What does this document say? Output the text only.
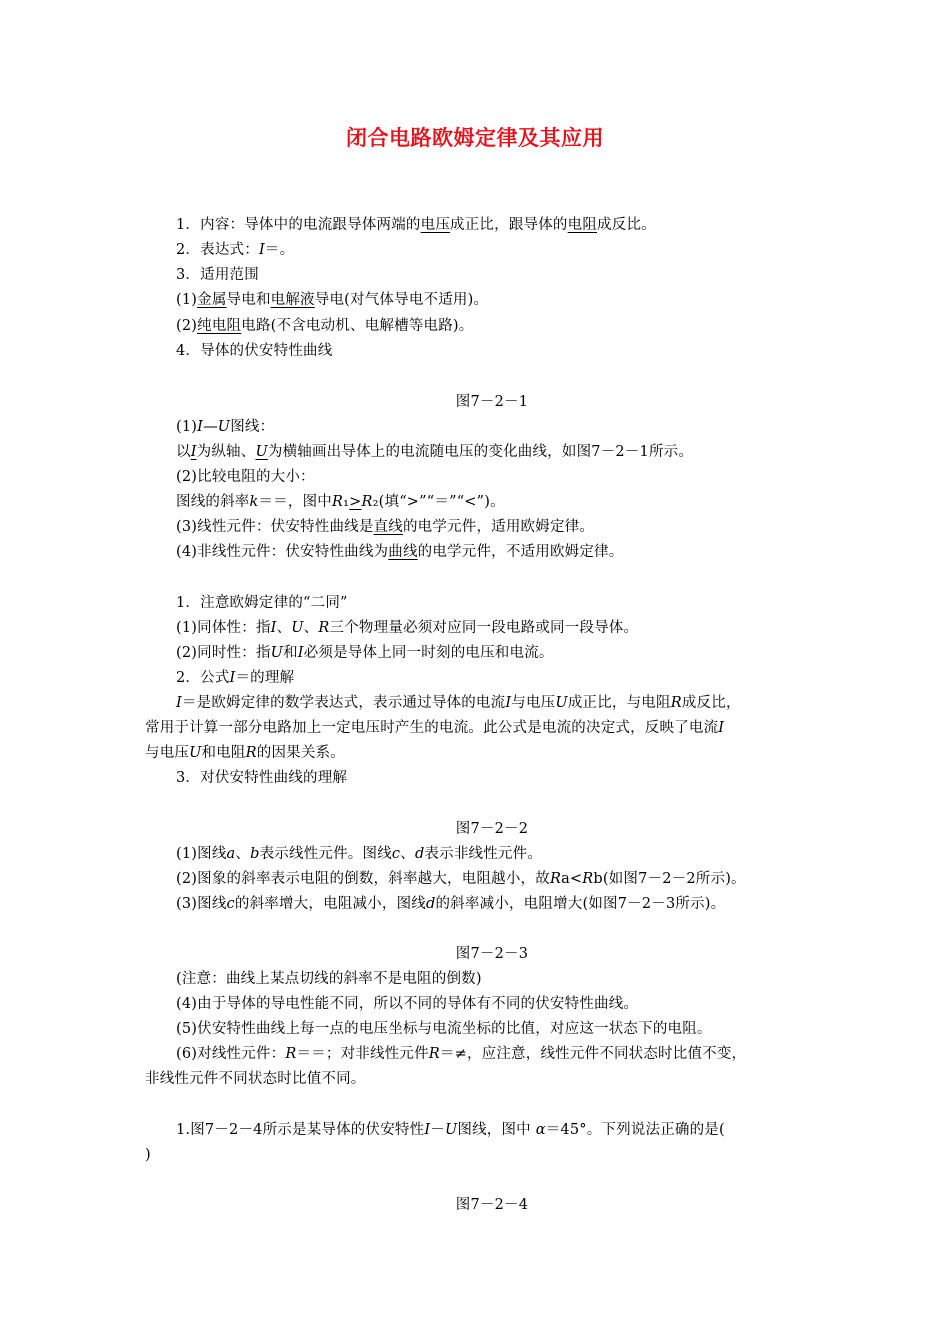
闭合电路欧姆定律及其应用
1．内容：导体中的电流跟导体两端的电压成正比，跟导体的电阻成反比。
2．表达式：I＝。
3．适用范围
(1)金属导电和电解液导电(对气体导电不适用)。
(2)纯电阻电路(不含电动机、电解槽等电路)。
4．导体的伏安特性曲线
图7－2－1
(1)I—U图线：
以I为纵轴、U为横轴画出导体上的电流随电压的变化曲线，如图7－2－1所示。
(2)比较电阻的大小：
图线的斜率k＝＝，图中R₁>R₂(填“>”“＝”“<”)。
(3)线性元件：伏安特性曲线是直线的电学元件，适用欧姆定律。
(4)非线性元件：伏安特性曲线为曲线的电学元件，不适用欧姆定律。
1．注意欧姆定律的“二同”
(1)同体性：指I、U、R三个物理量必须对应同一段电路或同一段导体。
(2)同时性：指U和I必须是导体上同一时刻的电压和电流。
2．公式I＝的理解
I＝是欧姆定律的数学表达式，表示通过导体的电流I与电压U成正比，与电阻R成反比，
常用于计算一部分电路加上一定电压时产生的电流。此公式是电流的决定式，反映了电流I
与电压U和电阻R的因果关系。
3．对伏安特性曲线的理解
图7－2－2
(1)图线a、b表示线性元件。图线c、d表示非线性元件。
(2)图象的斜率表示电阻的倒数，斜率越大，电阻越小，故Ra<Rb(如图7－2－2所示)。
(3)图线c的斜率增大，电阻减小，图线d的斜率减小，电阻增大(如图7－2－3所示)。
图7－2－3
(注意：曲线上某点切线的斜率不是电阻的倒数)
(4)由于导体的导电性能不同，所以不同的导体有不同的伏安特性曲线。
(5)伏安特性曲线上每一点的电压坐标与电流坐标的比值，对应这一状态下的电阻。
(6)对线性元件：R＝＝；对非线性元件R＝≠，应注意，线性元件不同状态时比值不变，
非线性元件不同状态时比值不同。
1.图7－2－4所示是某导体的伏安特性I－U图线，图中 α＝45°。下列说法正确的是(
)
图7－2－4
